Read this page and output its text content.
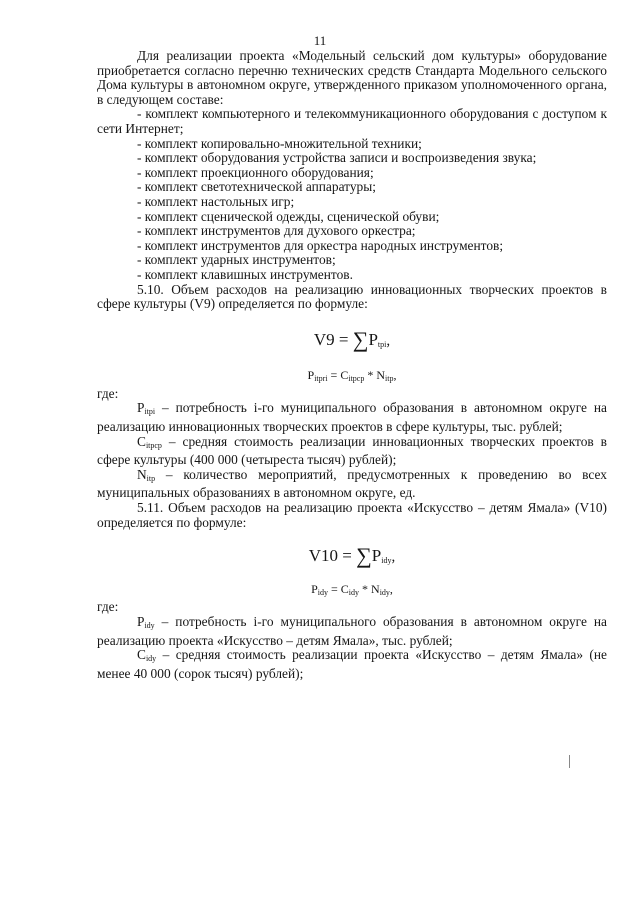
11

Для реализации проекта «Модельный сельский дом культуры» оборудование приобретается согласно перечню технических средств Стандарта Модельного сельского Дома культуры в автономном округе, утвержденного приказом уполномоченного органа, в следующем составе:

- комплект компьютерного и телекоммуникационного оборудования с доступом к сети Интернет;

- комплект копировально-множительной техники;

- комплект оборудования устройства записи и воспроизведения звука;

- комплект проекционного оборудования;

- комплект светотехнической аппаратуры;

- комплект настольных игр;

- комплект сценической одежды, сценической обуви;

- комплект инструментов для духового оркестра;

- комплект инструментов для оркестра народных инструментов;

- комплект ударных инструментов;

- комплект клавишных инструментов.

5.10. Объем расходов на реализацию инновационных творческих проектов в сфере культуры (V9) определяется по формуле:

$V9 = \sum P_{tpi}$,
$P_{itpri} = C_{itpcp} * N_{itp}$,

где:

$P_{itpi}$ – потребность i-го муниципального образования в автономном округе на реализацию инновационных творческих проектов в сфере культуры, тыс. рублей;

$C_{itpcp}$ – средняя стоимость реализации инновационных творческих проектов в сфере культуры (400 000 (четыреста тысяч) рублей);

$N_{itp}$ – количество мероприятий, предусмотренных к проведению во всех муниципальных образованиях в автономном округе, ед.

5.11. Объем расходов на реализацию проекта «Искусство – детям Ямала» (V10) определяется по формуле:

$V10 = \sum P_{idy}$,
$P_{idy} = C_{idy} * N_{idy}$,

где:

$P_{idy}$ – потребность i-го муниципального образования в автономном округе на реализацию проекта «Искусство – детям Ямала», тыс. рублей;

$C_{idy}$ – средняя стоимость реализации проекта «Искусство – детям Ямала» (не менее 40 000 (сорок тысяч) рублей);
